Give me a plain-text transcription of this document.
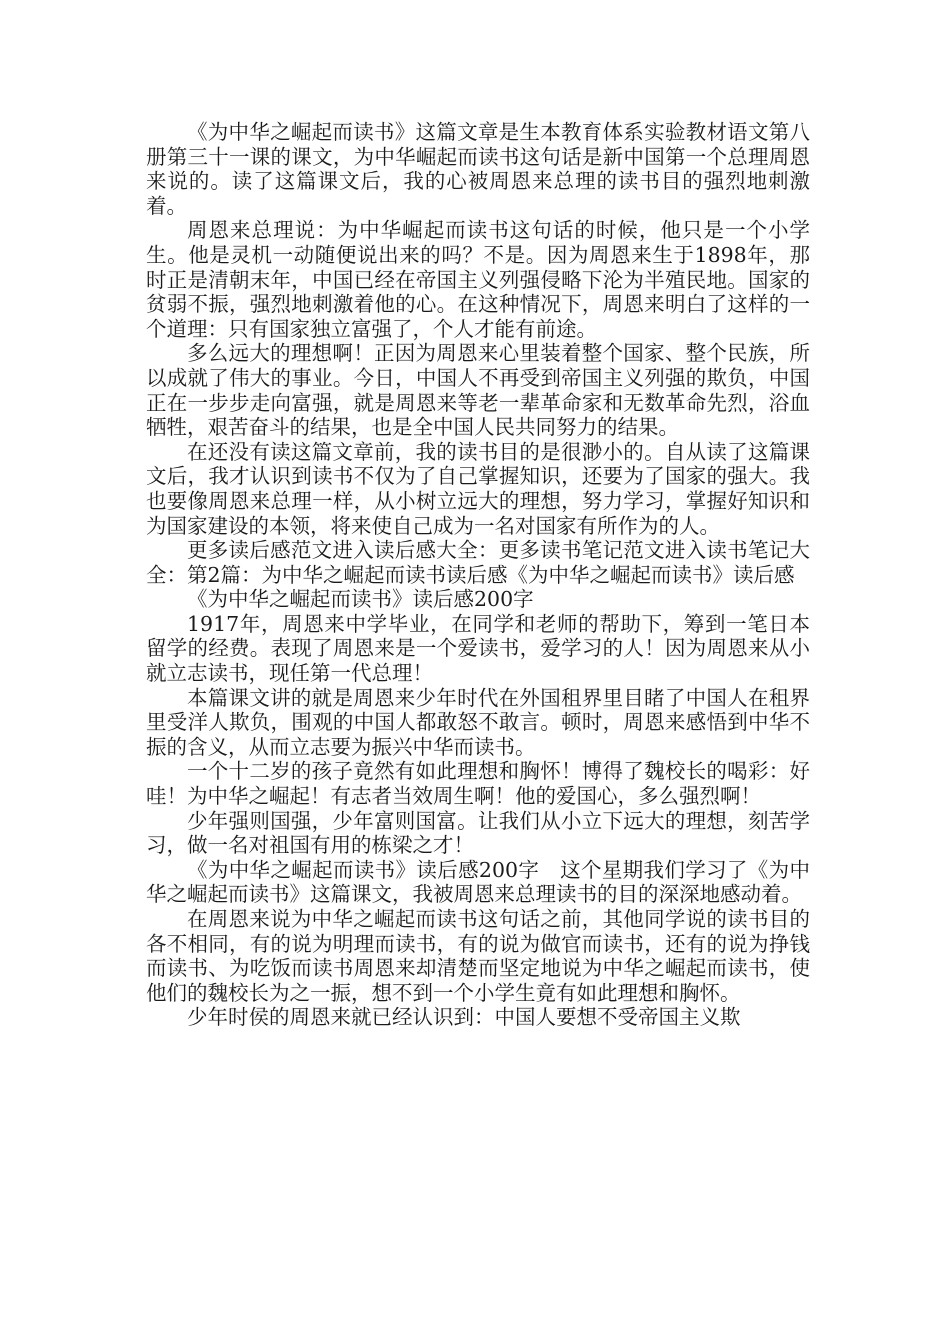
《为中华之崛起而读书》这篇文章是生本教育体系实验教材语文第八册第三十一课的课文，为中华崛起而读书这句话是新中国第一个总理周恩来说的。读了这篇课文后，我的心被周恩来总理的读书目的强烈地刺激着。

周恩来总理说：为中华崛起而读书这句话的时候，他只是一个小学生。他是灵机一动随便说出来的吗？不是。因为周恩来生于1898年，那时正是清朝末年，中国已经在帝国主义列强侵略下沦为半殖民地。国家的贫弱不振，强烈地刺激着他的心。在这种情况下，周恩来明白了这样的一个道理：只有国家独立富强了，个人才能有前途。

多么远大的理想啊！正因为周恩来心里装着整个国家、整个民族，所以成就了伟大的事业。今日，中国人不再受到帝国主义列强的欺负，中国正在一步步走向富强，就是周恩来等老一辈革命家和无数革命先烈，浴血牺牲，艰苦奋斗的结果，也是全中国人民共同努力的结果。

在还没有读这篇文章前，我的读书目的是很渺小的。自从读了这篇课文后，我才认识到读书不仅为了自己掌握知识，还要为了国家的强大。我也要像周恩来总理一样，从小树立远大的理想，努力学习，掌握好知识和为国家建设的本领，将来使自己成为一名对国家有所作为的人。

更多读后感范文进入读后感大全：更多读书笔记范文进入读书笔记大全：第2篇：为中华之崛起而读书读后感《为中华之崛起而读书》读后感

《为中华之崛起而读书》读后感200字

1917年，周恩来中学毕业，在同学和老师的帮助下，筹到一笔日本留学的经费。表现了周恩来是一个爱读书，爱学习的人！因为周恩来从小就立志读书，现任第一代总理！

本篇课文讲的就是周恩来少年时代在外国租界里目睹了中国人在租界里受洋人欺负，围观的中国人都敢怒不敢言。顿时，周恩来感悟到中华不振的含义，从而立志要为振兴中华而读书。

一个十二岁的孩子竟然有如此理想和胸怀！博得了魏校长的喝彩：好哇！为中华之崛起！有志者当效周生啊！他的爱国心，多么强烈啊！

少年强则国强，少年富则国富。让我们从小立下远大的理想，刻苦学习，做一名对祖国有用的栋梁之才！

《为中华之崛起而读书》读后感200字　这个星期我们学习了《为中华之崛起而读书》这篇课文，我被周恩来总理读书的目的深深地感动着。

在周恩来说为中华之崛起而读书这句话之前，其他同学说的读书目的各不相同，有的说为明理而读书，有的说为做官而读书，还有的说为挣钱而读书、为吃饭而读书周恩来却清楚而坚定地说为中华之崛起而读书，使他们的魏校长为之一振，想不到一个小学生竟有如此理想和胸怀。

少年时侯的周恩来就已经认识到：中国人要想不受帝国主义欺
